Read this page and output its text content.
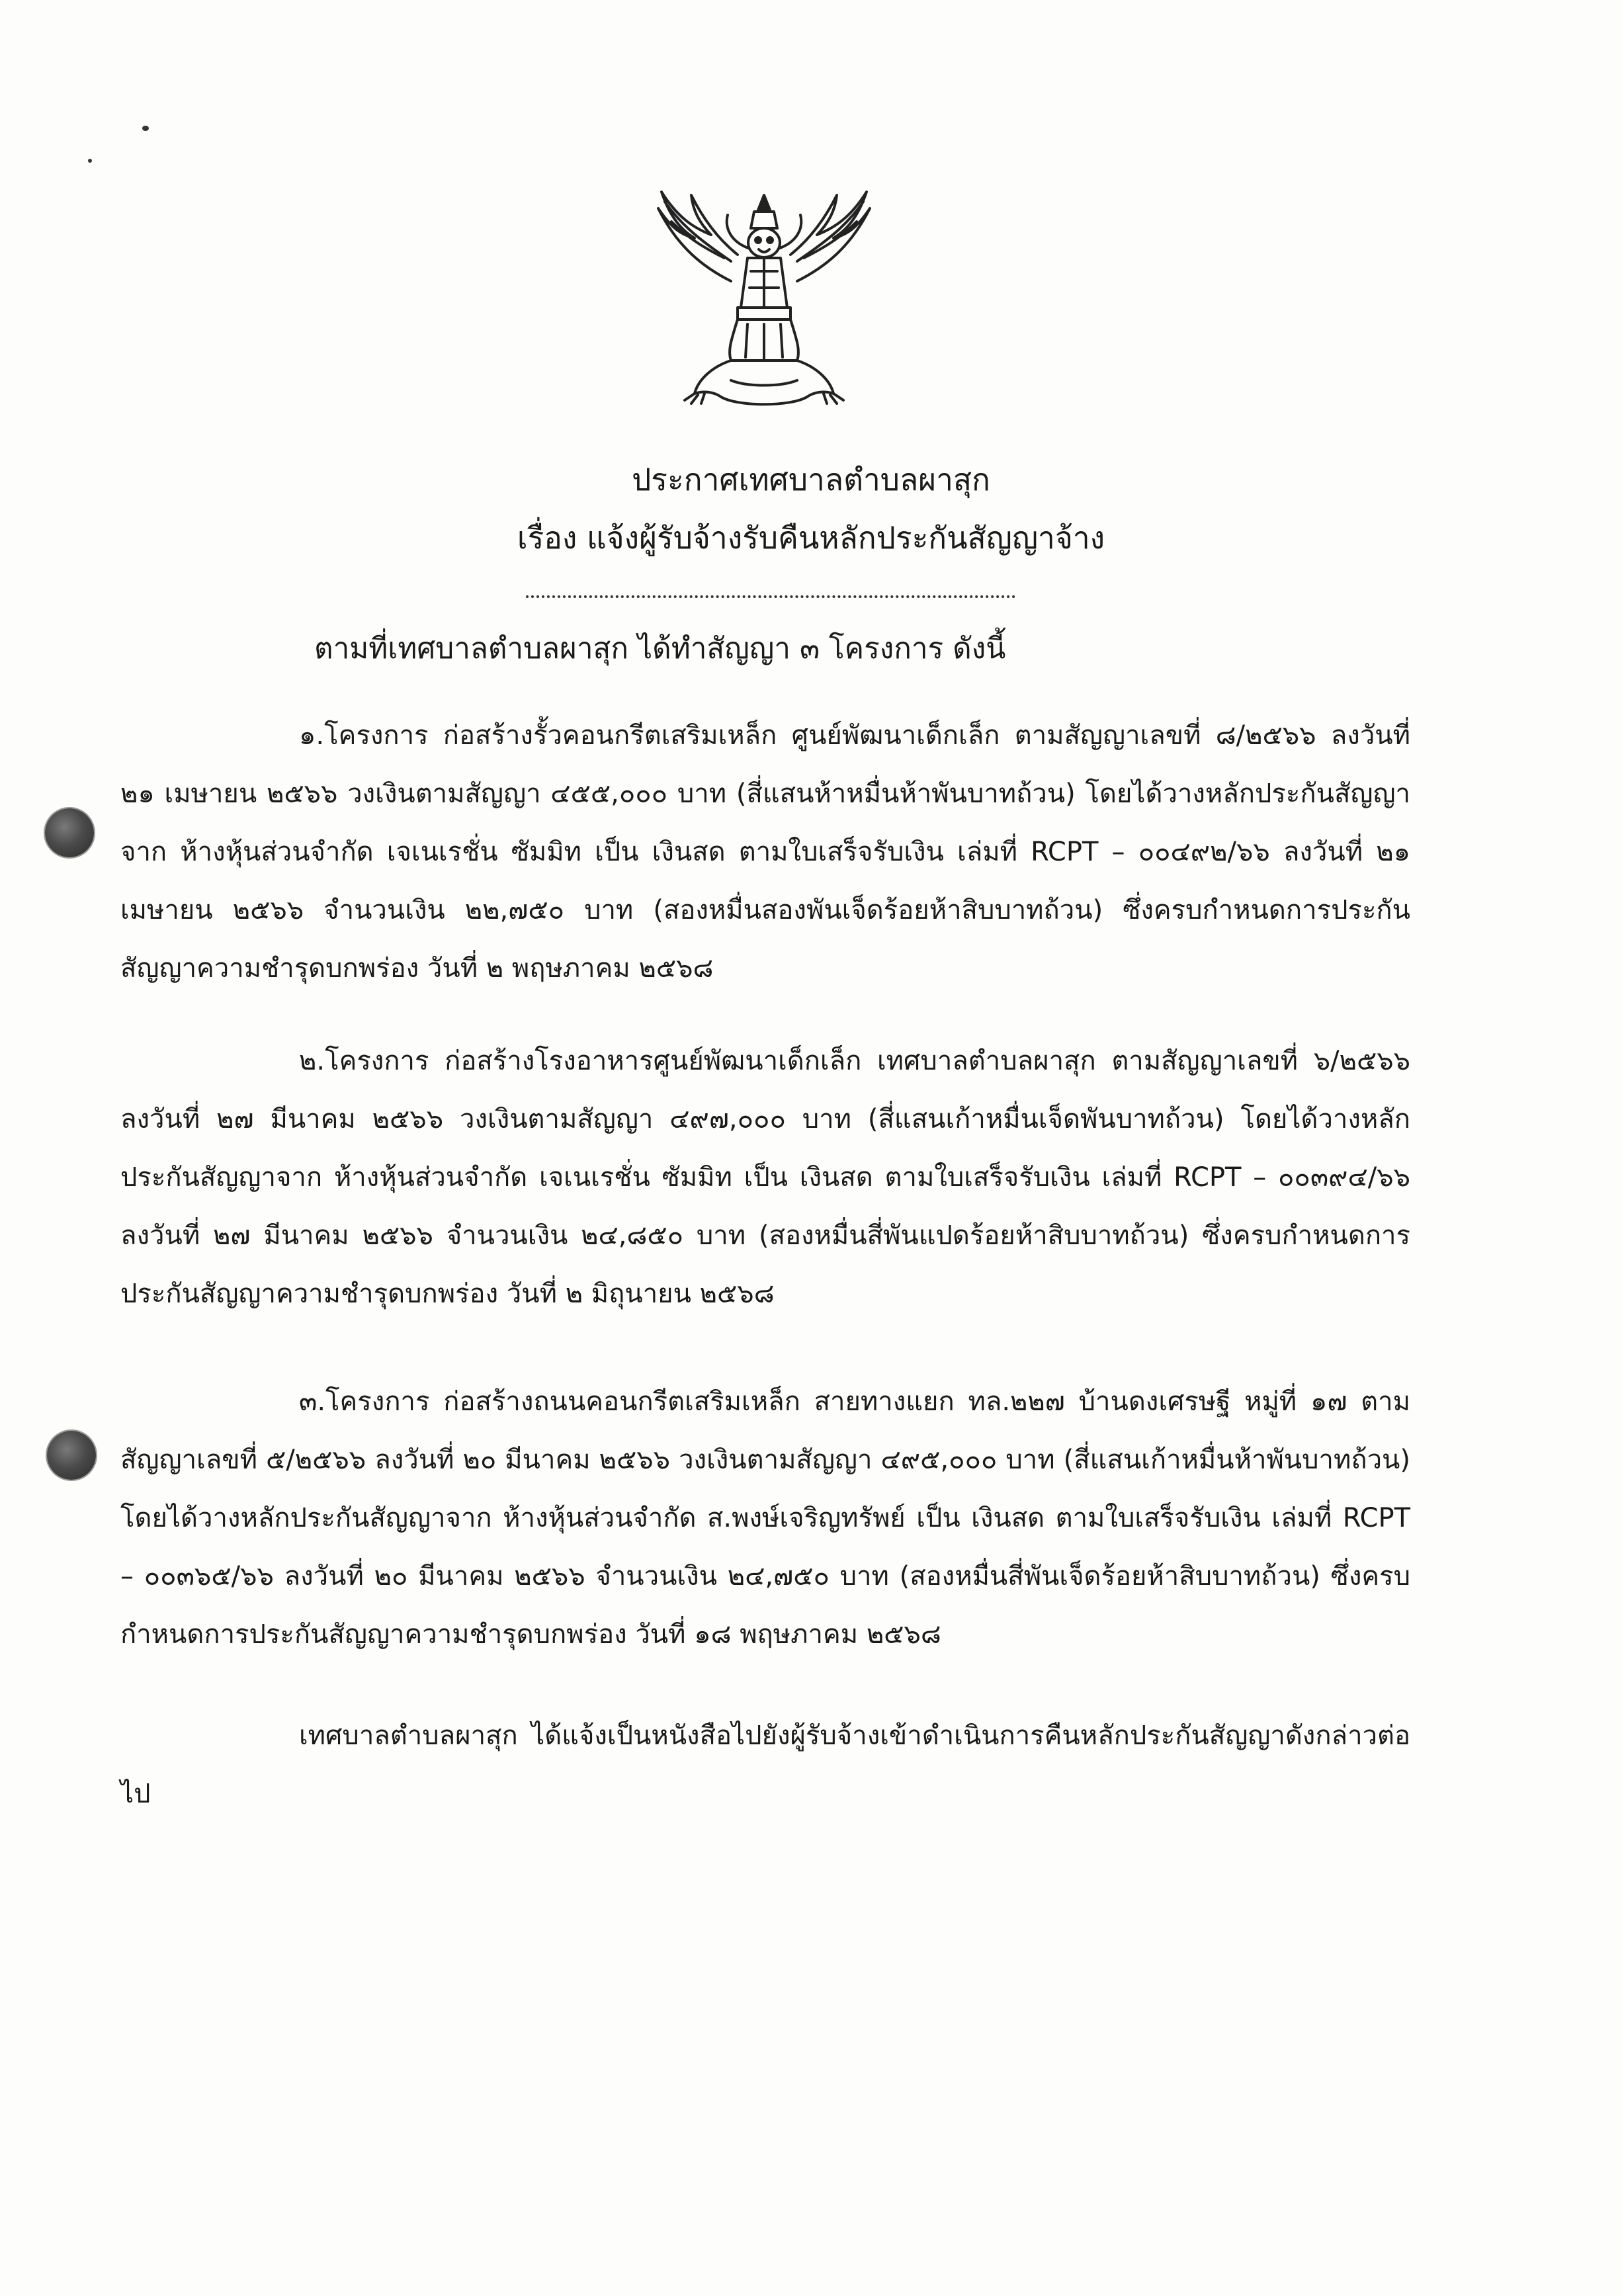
ประกาศเทศบาลตำบลผาสุก
เรื่อง แจ้งผู้รับจ้างรับคืนหลักประกันสัญญาจ้าง
ตามที่เทศบาลตำบลผาสุก ได้ทำสัญญา ๓ โครงการ ดังนี้
๑.โครงการ ก่อสร้างรั้วคอนกรีตเสริมเหล็ก ศูนย์พัฒนาเด็กเล็ก ตามสัญญาเลขที่ ๘/๒๕๖๖ ลงวันที่ ๒๑ เมษายน ๒๕๖๖ วงเงินตามสัญญา ๔๕๕,๐๐๐ บาท (สี่แสนห้าหมื่นห้าพันบาทถ้วน) โดยได้วางหลักประกันสัญญาจาก ห้างหุ้นส่วนจำกัด เจเนเรชั่น ซัมมิท เป็น เงินสด ตามใบเสร็จรับเงิน เล่มที่ RCPT – ๐๐๔๙๒/๖๖ ลงวันที่ ๒๑ เมษายน ๒๕๖๖ จำนวนเงิน ๒๒,๗๕๐ บาท (สองหมื่นสองพันเจ็ดร้อยห้าสิบบาทถ้วน) ซึ่งครบกำหนดการประกันสัญญาความชำรุดบกพร่อง วันที่ ๒ พฤษภาคม ๒๕๖๘
๒.โครงการ ก่อสร้างโรงอาหารศูนย์พัฒนาเด็กเล็ก เทศบาลตำบลผาสุก ตามสัญญาเลขที่ ๖/๒๕๖๖ ลงวันที่ ๒๗ มีนาคม ๒๕๖๖ วงเงินตามสัญญา ๔๙๗,๐๐๐ บาท (สี่แสนเก้าหมื่นเจ็ดพันบาทถ้วน) โดยได้วางหลักประกันสัญญาจาก ห้างหุ้นส่วนจำกัด เจเนเรชั่น ซัมมิท เป็น เงินสด ตามใบเสร็จรับเงิน เล่มที่ RCPT – ๐๐๓๙๔/๖๖ ลงวันที่ ๒๗ มีนาคม ๒๕๖๖ จำนวนเงิน ๒๔,๘๕๐ บาท (สองหมื่นสี่พันแปดร้อยห้าสิบบาทถ้วน) ซึ่งครบกำหนดการประกันสัญญาความชำรุดบกพร่อง วันที่ ๒ มิถุนายน ๒๕๖๘
๓.โครงการ ก่อสร้างถนนคอนกรีตเสริมเหล็ก สายทางแยก ทล.๒๒๗ บ้านดงเศรษฐี หมู่ที่ ๑๗ ตามสัญญาเลขที่ ๕/๒๕๖๖ ลงวันที่ ๒๐ มีนาคม ๒๕๖๖ วงเงินตามสัญญา ๔๙๕,๐๐๐ บาท (สี่แสนเก้าหมื่นห้าพันบาทถ้วน) โดยได้วางหลักประกันสัญญาจาก ห้างหุ้นส่วนจำกัด ส.พงษ์เจริญทรัพย์ เป็น เงินสด ตามใบเสร็จรับเงิน เล่มที่ RCPT – ๐๐๓๖๕/๖๖ ลงวันที่ ๒๐ มีนาคม ๒๕๖๖ จำนวนเงิน ๒๔,๗๕๐ บาท (สองหมื่นสี่พันเจ็ดร้อยห้าสิบบาทถ้วน) ซึ่งครบกำหนดการประกันสัญญาความชำรุดบกพร่อง วันที่ ๑๘ พฤษภาคม ๒๕๖๘
เทศบาลตำบลผาสุก ได้แจ้งเป็นหนังสือไปยังผู้รับจ้างเข้าดำเนินการคืนหลักประกันสัญญาดังกล่าวต่อไป
